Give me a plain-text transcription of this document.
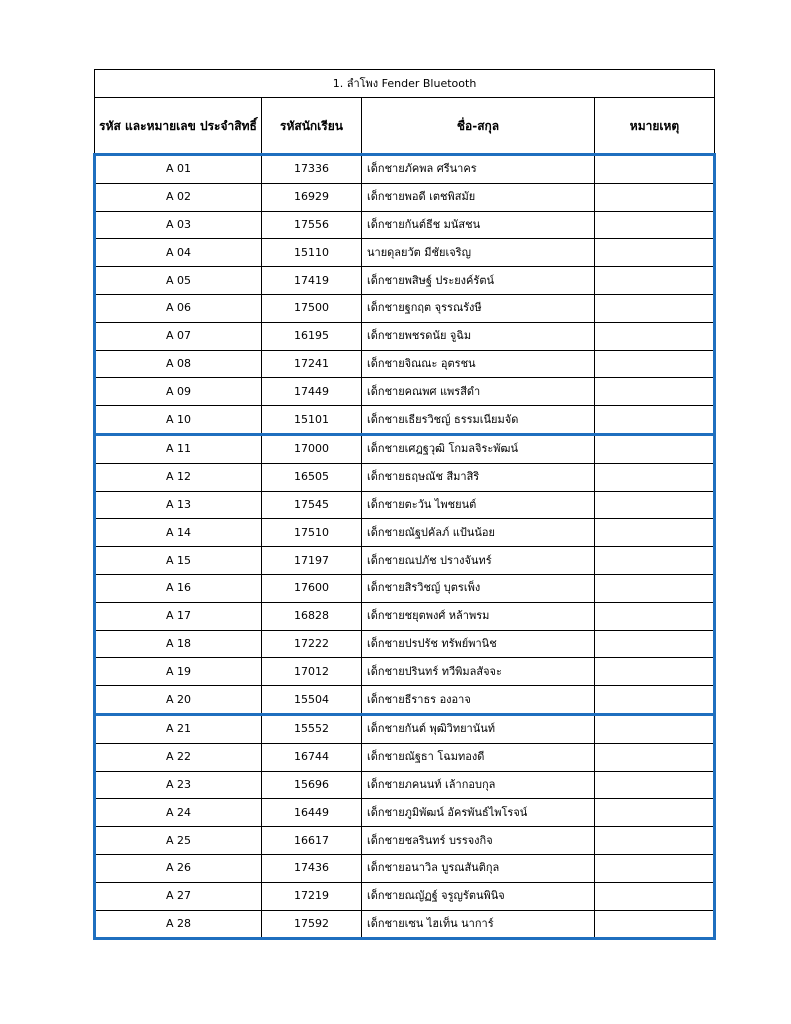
1. ลำโพง Fender Bluetooth			
รหัส และหมายเลข ประจำสิทธิ์	รหัสนักเรียน	ชื่อ-สกุล	หมายเหตุ
A 01	17336	เด็กชายภัคพล ศรีนาคร	
A 02	16929	เด็กชายพอดี เตชพิสมัย	
A 03	17556	เด็กชายกันต์ธีช มนัสชน	
A 04	15110	นายดุลยวัต มีชัยเจริญ	
A 05	17419	เด็กชายพสิษฐ์ ประยงค์รัตน์	
A 06	17500	เด็กชายฐกฤต จุรรณรังษี	
A 07	16195	เด็กชายพชรดนัย จูฉิม	
A 08	17241	เด็กชายจิณณะ อุตรชน	
A 09	17449	เด็กชายคณพศ แพรสีดำ	
A 10	15101	เด็กชายเธียรวิชญ์ ธรรมเนียมจัด	
A 11	17000	เด็กชายเศฎฐวุฒิ โกมลจิระพัฒน์	
A 12	16505	เด็กชายธฤษณัช สีมาสิริ	
A 13	17545	เด็กชายตะวัน ไพชยนต์	
A 14	17510	เด็กชายณัฐปคัลภ์ แป้นน้อย	
A 15	17197	เด็กชายณปภัช ปรางจันทร์	
A 16	17600	เด็กชายสิรวิชญ์ บุตรเพ็ง	
A 17	16828	เด็กชายชยุตพงศ์ หล้าพรม	
A 18	17222	เด็กชายปรปรัช ทรัพย์พานิช	
A 19	17012	เด็กชายปรินทร์ ทวีพิมลสัจจะ	
A 20	15504	เด็กชายธีราธร องอาจ	
A 21	15552	เด็กชายกันต์ พุฒิวิทยานันท์	
A 22	16744	เด็กชายณัฐธา โฉมทองดี	
A 23	15696	เด็กชายภคนนท์ เล้ากอบกุล	
A 24	16449	เด็กชายภูมิพัฒน์ อัครพันธ์ไพโรจน์	
A 25	16617	เด็กชายชลรินทร์ บรรจงกิจ	
A 26	17436	เด็กชายอนาวิล บูรณสันติกุล	
A 27	17219	เด็กชายณญัฏฐ์ จรูญรัตนพินิจ	
A 28	17592	เด็กชายเซน ไฮเท็น นาการ์	
